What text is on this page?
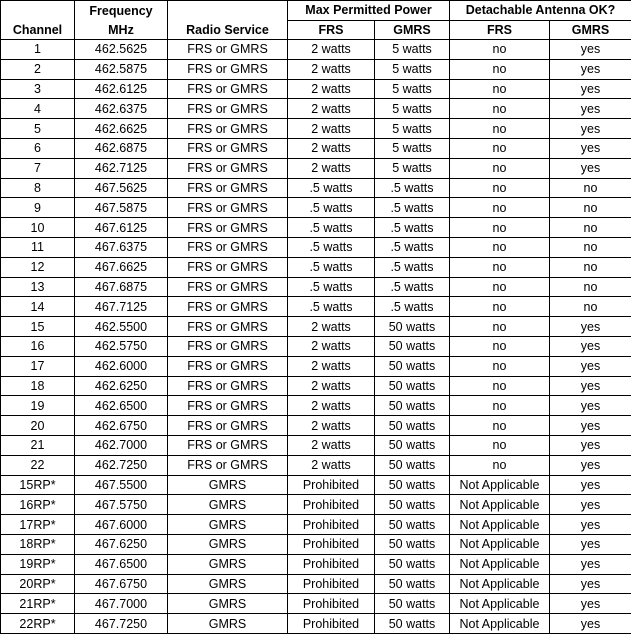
	Frequency		Max Permitted Power		Detachable Antenna OK?	
Channel	MHz	Radio Service	FRS	GMRS	FRS	GMRS
1	462.5625	FRS or GMRS	2 watts	5 watts	no	yes
2	462.5875	FRS or GMRS	2 watts	5 watts	no	yes
3	462.6125	FRS or GMRS	2 watts	5 watts	no	yes
4	462.6375	FRS or GMRS	2 watts	5 watts	no	yes
5	462.6625	FRS or GMRS	2 watts	5 watts	no	yes
6	462.6875	FRS or GMRS	2 watts	5 watts	no	yes
7	462.7125	FRS or GMRS	2 watts	5 watts	no	yes
8	467.5625	FRS or GMRS	.5 watts	.5 watts	no	no
9	467.5875	FRS or GMRS	.5 watts	.5 watts	no	no
10	467.6125	FRS or GMRS	.5 watts	.5 watts	no	no
11	467.6375	FRS or GMRS	.5 watts	.5 watts	no	no
12	467.6625	FRS or GMRS	.5 watts	.5 watts	no	no
13	467.6875	FRS or GMRS	.5 watts	.5 watts	no	no
14	467.7125	FRS or GMRS	.5 watts	.5 watts	no	no
15	462.5500	FRS or GMRS	2 watts	50 watts	no	yes
16	462.5750	FRS or GMRS	2 watts	50 watts	no	yes
17	462.6000	FRS or GMRS	2 watts	50 watts	no	yes
18	462.6250	FRS or GMRS	2 watts	50 watts	no	yes
19	462.6500	FRS or GMRS	2 watts	50 watts	no	yes
20	462.6750	FRS or GMRS	2 watts	50 watts	no	yes
21	462.7000	FRS or GMRS	2 watts	50 watts	no	yes
22	462.7250	FRS or GMRS	2 watts	50 watts	no	yes
15RP*	467.5500	GMRS	Prohibited	50 watts	Not Applicable	yes
16RP*	467.5750	GMRS	Prohibited	50 watts	Not Applicable	yes
17RP*	467.6000	GMRS	Prohibited	50 watts	Not Applicable	yes
18RP*	467.6250	GMRS	Prohibited	50 watts	Not Applicable	yes
19RP*	467.6500	GMRS	Prohibited	50 watts	Not Applicable	yes
20RP*	467.6750	GMRS	Prohibited	50 watts	Not Applicable	yes
21RP*	467.7000	GMRS	Prohibited	50 watts	Not Applicable	yes
22RP*	467.7250	GMRS	Prohibited	50 watts	Not Applicable	yes
